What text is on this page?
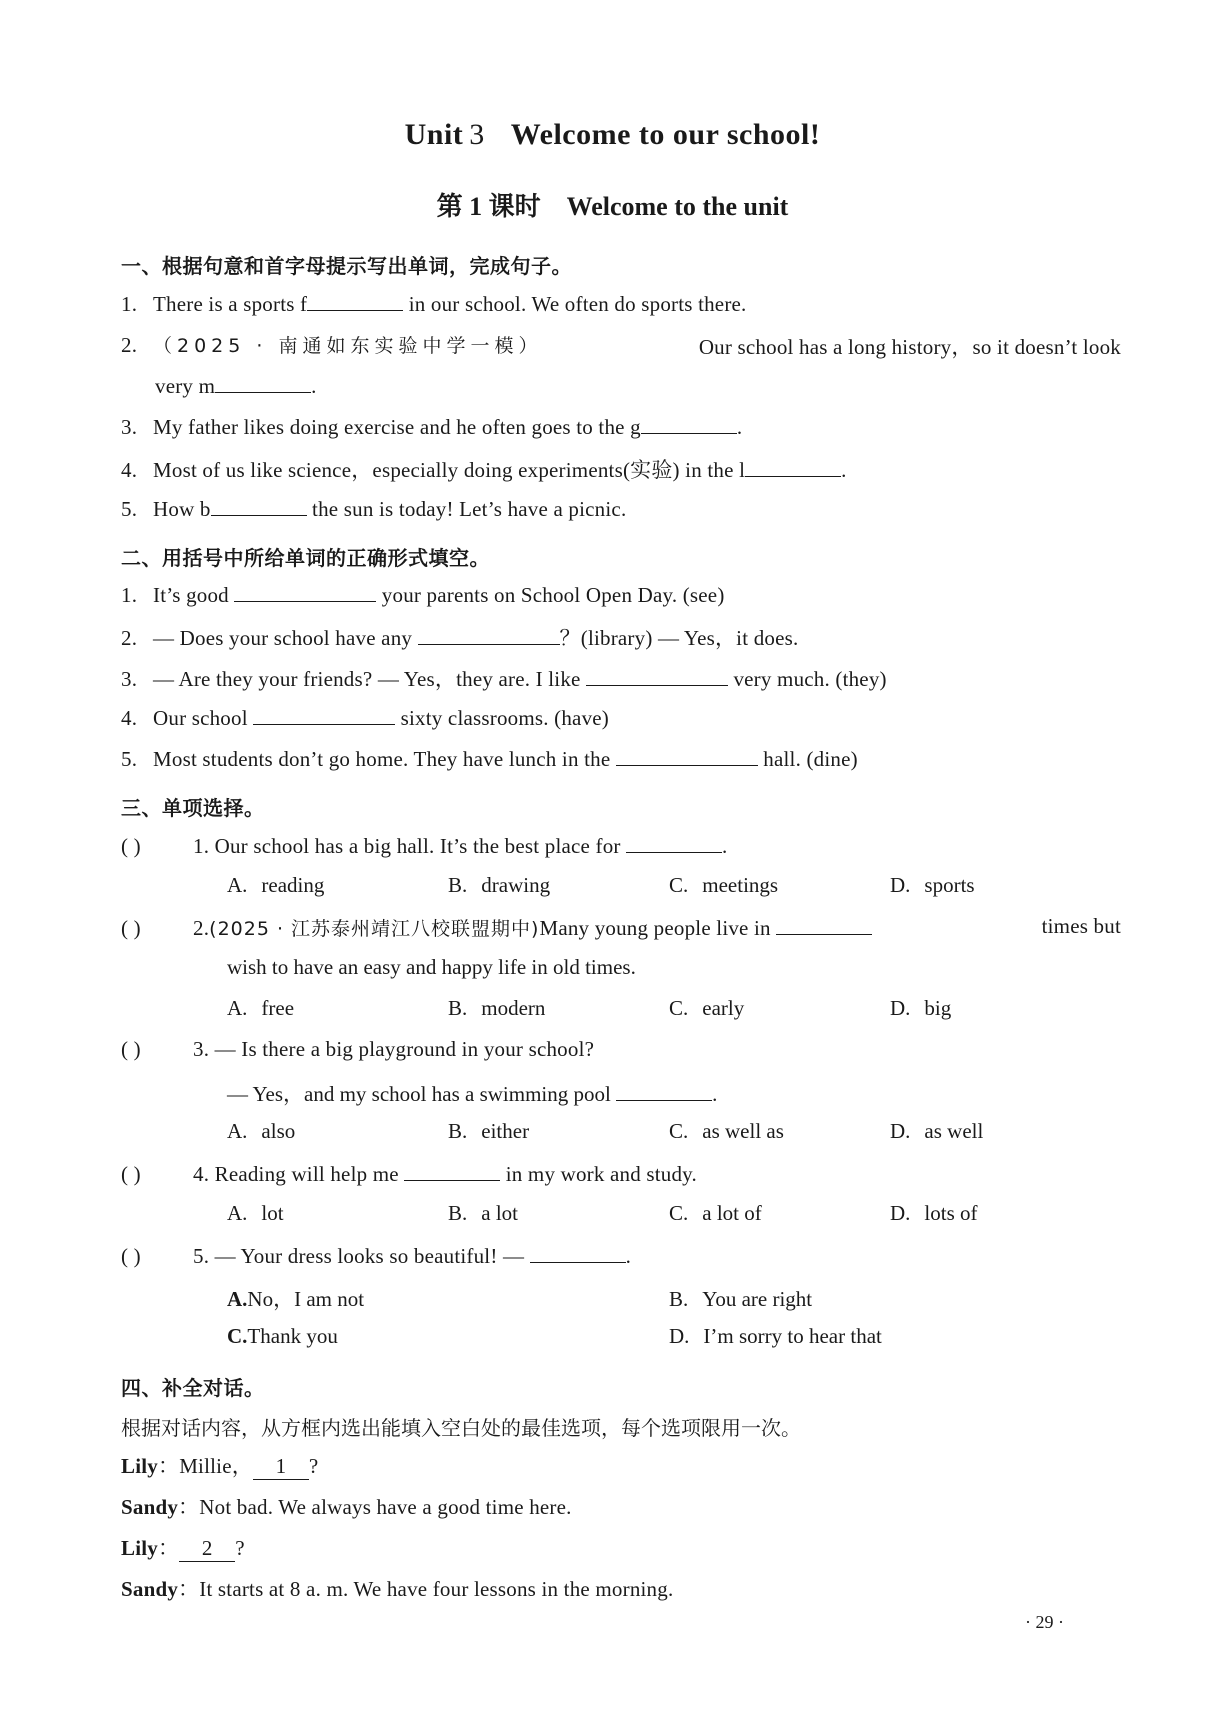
Unit 3 Welcome to our school!
第 1 课时 Welcome to the unit
一、根据句意和首字母提示写出单词，完成句子。
1. There is a sports f	in our school. We often do sports there.
2. （2025 · 南通如东实验中学一模）	Our school has a long history，so it doesn’t look
very m	.
3. My father likes doing exercise and he often goes to the g	.
4. Most of us like science，especially doing experiments(实验) in the l	.
5. How b	the sun is today! Let’s have a picnic.
二、用括号中所给单词的正确形式填空。
1. It’s good	your parents on School Open Day. (see)
2. — Does your school have any	？(library) — Yes，it does.
3. — Are they your friends? — Yes，they are. I like	very much. (they)
4. Our school	sixty classrooms. (have)
5. Most students don’t go home. They have lunch in the	hall. (dine)
三、单项选择。
( ) 1. Our school has a big hall. It’s the best place for	.
A. reading	B. drawing	C. meetings	D. sports
( ) 2.(2025 · 江苏泰州靖江八校联盟期中)Many young people live in	times but
wish to have an easy and happy life in old times.
A. free	B. modern	C. early	D. big
( ) 3. — Is there a big playground in your school?
— Yes，and my school has a swimming pool	.
A. also	B. either	C. as well as	D. as well
( ) 4. Reading will help me	in my work and study.
A. lot	B. a lot	C. a lot of	D. lots of
( ) 5. — Your dress looks so beautiful! —	.
A.No，I am not	B. You are right
C.Thank you	D. I’m sorry to hear that
四、补全对话。
根据对话内容，从方框内选出能填入空白处的最佳选项，每个选项限用一次。
Lily：Millie， 1 ?
Sandy：Not bad. We always have a good time here.
Lily： 2 ?
Sandy：It starts at 8 a. m. We have four lessons in the morning.
· 29 ·
